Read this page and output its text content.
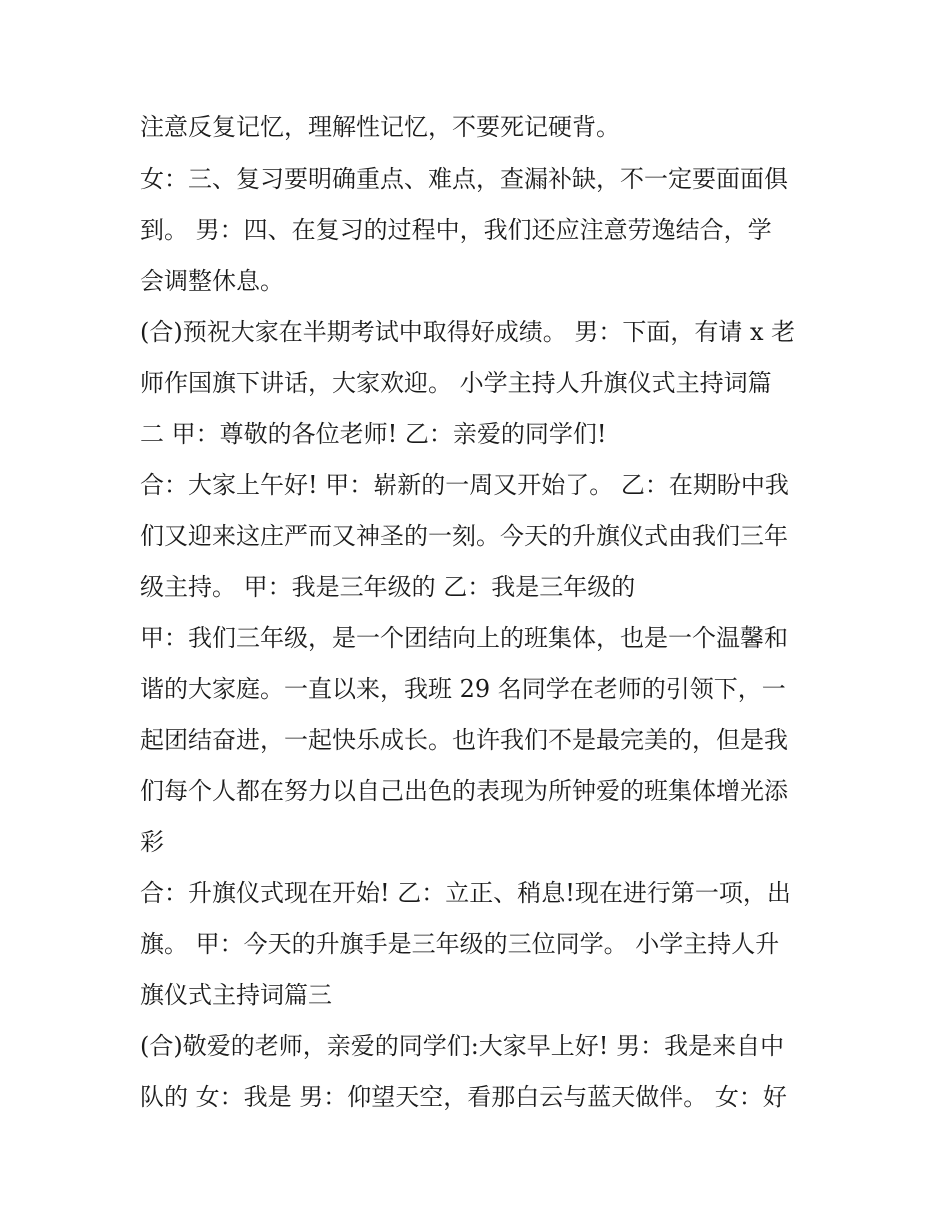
注意反复记忆，理解性记忆，不要死记硬背。
女：三、复习要明确重点、难点，查漏补缺，不一定要面面俱
到。 男：四、在复习的过程中，我们还应注意劳逸结合，学
会调整休息。
(合)预祝大家在半期考试中取得好成绩。 男：下面，有请 x 老
师作国旗下讲话，大家欢迎。 小学主持人升旗仪式主持词篇
二 甲：尊敬的各位老师! 乙：亲爱的同学们!
合：大家上午好! 甲：崭新的一周又开始了。 乙：在期盼中我
们又迎来这庄严而又神圣的一刻。今天的升旗仪式由我们三年
级主持。 甲：我是三年级的 乙：我是三年级的
甲：我们三年级，是一个团结向上的班集体，也是一个温馨和
谐的大家庭。一直以来，我班 29 名同学在老师的引领下，一
起团结奋进，一起快乐成长。也许我们不是最完美的，但是我
们每个人都在努力以自己出色的表现为所钟爱的班集体增光添
彩
合：升旗仪式现在开始! 乙：立正、稍息!现在进行第一项，出
旗。 甲：今天的升旗手是三年级的三位同学。 小学主持人升
旗仪式主持词篇三
(合)敬爱的老师，亲爱的同学们:大家早上好! 男：我是来自中
队的 女：我是 男：仰望天空，看那白云与蓝天做伴。 女：好
